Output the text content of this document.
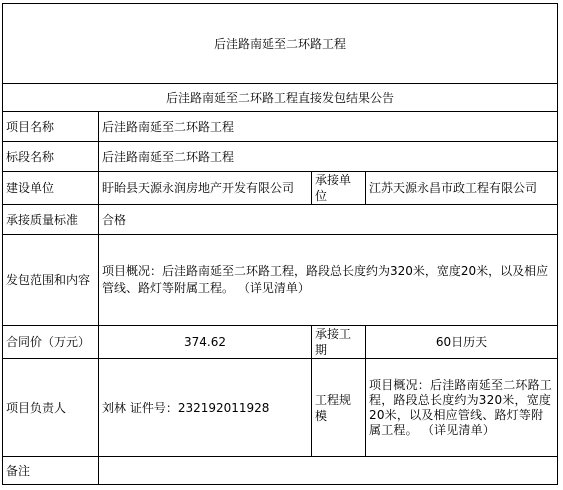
后洼路南延至二环路工程			
后洼路南延至二环路工程直接发包结果公告			
项目名称	后洼路南延至二环路工程		
标段名称	后洼路南延至二环路工程		
建设单位	盱眙县天源永润房地产开发有限公司	承接单位	江苏天源永昌市政工程有限公司
承接质量标准	合格		
发包范围和内容	项目概况：后洼路南延至二环路工程，路段总长度约为320米，宽度20米，以及相应管线、路灯等附属工程。 （详见清单）		

合同价（万元）	374.62	承接工期	60日历天
项目负责人	刘林 证件号：232192011928	工程规模	项目概况：后洼路南延至二环路工程，路段总长度约为320米，宽度20米，以及相应管线、路灯等附属工程。 （详见清单）

备注			
